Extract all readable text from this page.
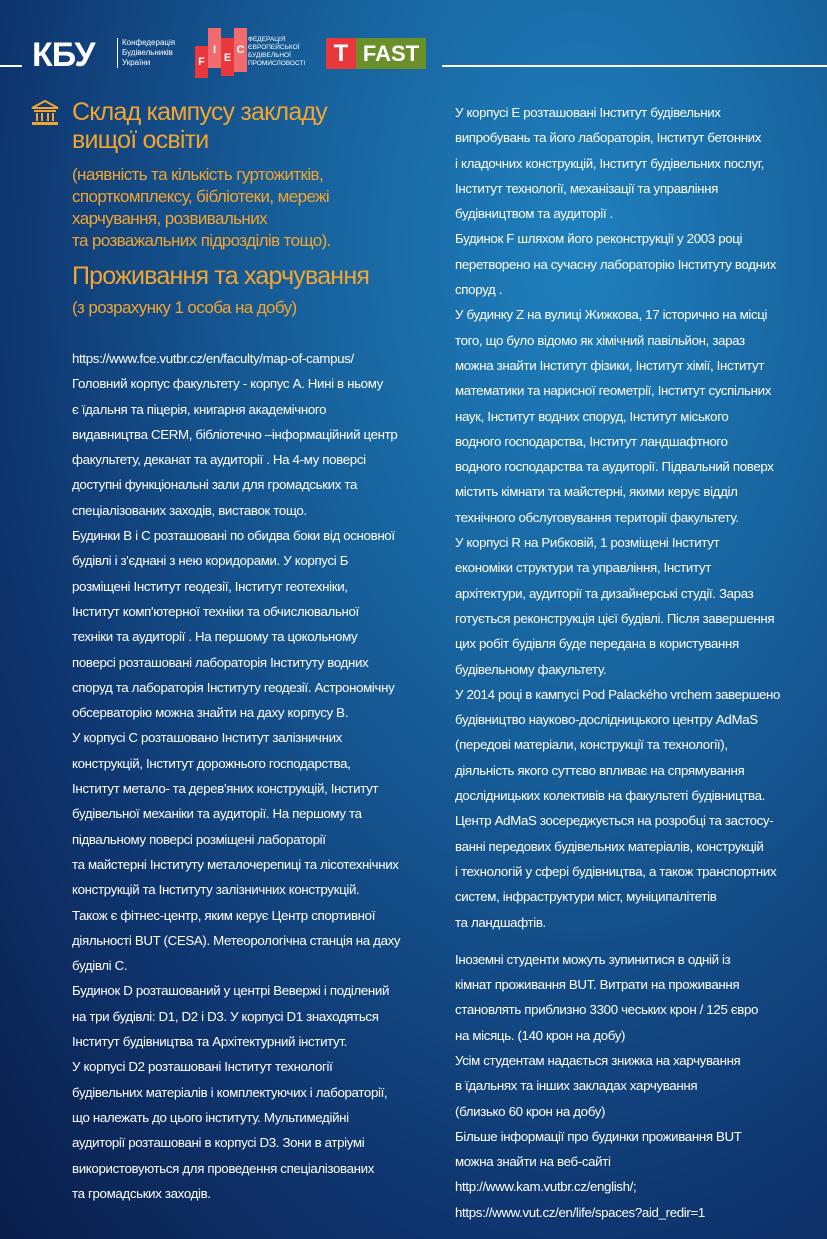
КБУ	Конфедерація
Будівельників
України	F
I
E
C
ФЕДЕРАЦІЯ
ЄВРОПЕЙСЬКОЇ
БУДІВЕЛЬНОЇ
ПРОМИСЛОВОСТІ	T FAST
Склад кампусу закладу
вищої освіти
(наявність та кількість гуртожитків,
спорткомплексу, бібліотеки, мережі
харчування, розвивальних
та розважальних підрозділів тощо).
Проживання та харчування
(з розрахунку 1 особа на добу)
https://www.fce.vutbr.cz/en/faculty/map-of-campus/
Головний корпус факультету - корпус А. Нині в ньому
є їдальня та піцерія, книгарня академічного
видавництва CERM, бібліотечно –інформаційний центр
факультету, деканат та аудиторії . На 4-му поверсі
доступні функціональні зали для громадських та
спеціалізованих заходів, виставок тощо.
Будинки B і C розташовані по обидва боки від основної
будівлі і з'єднані з нею коридорами. У корпусі Б
розміщені Інститут геодезії, Інститут геотехніки,
Інститут комп'ютерної техніки та обчислювальної
техніки та аудиторії . На першому та цокольному
поверсі розташовані лабораторія Інституту водних
споруд та лабораторія Інституту геодезії. Астрономічну
обсерваторію можна знайти на даху корпусу B.
У корпусі C розташовано Інститут залізничних
конструкцій, Інститут дорожнього господарства,
Інститут метало- та дерев'яних конструкцій, Інститут
будівельної механіки та аудиторії. На першому та
підвальному поверсі розміщені лабораторії
та майстерні Інституту металочерепиці та лісотехнічних
конструкцій та Інституту залізничних конструкцій.
Також є фітнес-центр, яким керує Центр спортивної
діяльності BUT (CESA). Метеорологічна станція на даху
будівлі C.
Будинок D розташований у центрі Вевержі і поділений
на три будівлі: D1, D2 і D3. У корпусі D1 знаходяться
Інститут будівництва та Архітектурний інститут.
У корпусі D2 розташовані Інститут технології
будівельних матеріалів і комплектуючих і лабораторії,
що належать до цього інституту. Мультимедійні
аудиторії розташовані в корпусі D3. Зони в атріумі
використовуються для проведення спеціалізованих
та громадських заходів.
У корпусі E розташовані Інститут будівельних
випробувань та його лабораторія, Інститут бетонних
і кладочних конструкцій, Інститут будівельних послуг,
Інститут технології, механізації та управління
будівництвом та аудиторії .
Будинок F шляхом його реконструкції у 2003 році
перетворено на сучасну лабораторію Інституту водних
споруд .
У будинку Z на вулиці Жижкова, 17 історично на місці
того, що було відомо як хімічний павільйон, зараз
можна знайти Інститут фізики, Інститут хімії, Інститут
математики та нарисної геометрії, Інститут суспільних
наук, Інститут водних споруд, Інститут міського
водного господарства, Інститут ландшафтного
водного господарства та аудиторії. Підвальний поверх
містить кімнати та майстерні, якими керує відділ
технічного обслуговування території факультету.
У корпусі R на Рибковій, 1 розміщені Інститут
економіки структури та управління, Інститут
архітектури, аудиторії та дизайнерські студії. Зараз
готується реконструкція цієї будівлі. Після завершення
цих робіт будівля буде передана в користування
будівельному факультету.
У 2014 році в кампусі Pod Palackého vrchem завершено
будівництво науково-дослідницького центру AdMaS
(передові матеріали, конструкції та технології),
діяльність якого суттєво впливає на спрямування
дослідницьких колективів на факультеті будівництва.
Центр AdMaS зосереджується на розробці та застосу-
ванні передових будівельних матеріалів, конструкцій
і технологій у сфері будівництва, а також транспортних
систем, інфраструктури міст, муніципалітетів
та ландшафтів.
Іноземні студенти можуть зупинитися в одній із
кімнат проживання BUT. Витрати на проживання
становлять приблизно 3300 чеських крон / 125 євро
на місяць. (140 крон на добу)
Усім студентам надається знижка на харчування
в їдальнях та інших закладах харчування
(близько 60 крон на добу)
Більше інформації про будинки проживання BUT
можна знайти на веб-сайті
http://www.kam.vutbr.cz/english/;
https://www.vut.cz/en/life/spaces?aid_redir=1
